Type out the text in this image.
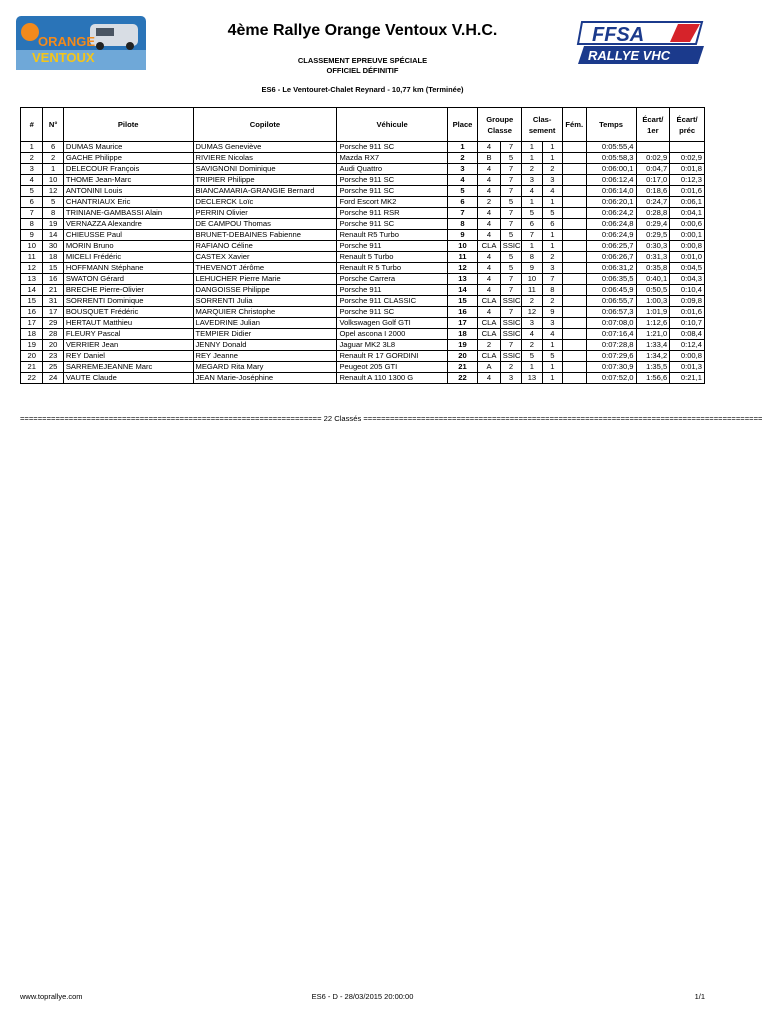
ORANGE
VENTOUX
4ème Rallye Orange Ventoux V.H.C.
CLASSEMENT EPREUVE SPÉCIALE
OFFICIEL DÉFINITIF
FFSA
RALLYE VHC
ES6 - Le Ventouret-Chalet Reynard - 10,77 km (Terminée)
#	N°	Pilote	Copilote	Véhicule	Place	Groupe Classe		Clas-sement		Fém.	Temps	Écart/ 1er	Écart/ préc
1	6	DUMAS Maurice	DUMAS Geneviève	Porsche 911 SC	1	4	7	1	1		0:05:55,4		
2	2	GACHE Philippe	RIVIERE Nicolas	Mazda RX7	2	B	5	1	1		0:05:58,3	0:02,9	0:02,9
3	1	DELECOUR François	SAVIGNONI Dominique	Audi Quattro	3	4	7	2	2		0:06:00,1	0:04,7	0:01,8
4	10	THOME Jean-Marc	TRIPIER Philippe	Porsche 911 SC	4	4	7	3	3		0:06:12,4	0:17,0	0:12,3
5	12	ANTONINI Louis	BIANCAMARIA-GRANGIE Bernard	Porsche 911 SC	5	4	7	4	4		0:06:14,0	0:18,6	0:01,6
6	5	CHANTRIAUX Eric	DECLERCK Loïc	Ford Escort MK2	6	2	5	1	1		0:06:20,1	0:24,7	0:06,1
7	8	TRINIANE-GAMBASSI Alain	PERRIN Olivier	Porsche 911 RSR	7	4	7	5	5		0:06:24,2	0:28,8	0:04,1
8	19	VERNAZZA Alexandre	DE CAMPOU Thomas	Porsche 911 SC	8	4	7	6	6		0:06:24,8	0:29,4	0:00,6
9	14	CHIEUSSE Paul	BRUNET-DEBAINES Fabienne	Renault R5 Turbo	9	4	5	7	1		0:06:24,9	0:29,5	0:00,1
10	30	MORIN Bruno	RAFIANO Céline	Porsche 911	10	CLA	SSIC	1	1		0:06:25,7	0:30,3	0:00,8
11	18	MICELI Frédéric	CASTEX Xavier	Renault 5 Turbo	11	4	5	8	2		0:06:26,7	0:31,3	0:01,0
12	15	HOFFMANN Stéphane	THEVENOT Jérôme	Renault R 5 Turbo	12	4	5	9	3		0:06:31,2	0:35,8	0:04,5
13	16	SWATON Gérard	LEHUCHER Pierre Marie	Porsche Carrera	13	4	7	10	7		0:06:35,5	0:40,1	0:04,3
14	21	BRECHE Pierre-Olivier	DANGOISSE Philippe	Porsche 911	14	4	7	11	8		0:06:45,9	0:50,5	0:10,4
15	31	SORRENTI Dominique	SORRENTI Julia	Porsche 911 CLASSIC	15	CLA	SSIC	2	2		0:06:55,7	1:00,3	0:09,8
16	17	BOUSQUET Frédéric	MARQUIER Christophe	Porsche 911 SC	16	4	7	12	9		0:06:57,3	1:01,9	0:01,6
17	29	HERTAUT Matthieu	LAVEDRINE Julian	Volkswagen Golf GTI	17	CLA	SSIC	3	3		0:07:08,0	1:12,6	0:10,7
18	28	FLEURY Pascal	TEMPIER Didier	Opel ascona I 2000	18	CLA	SSIC	4	4		0:07:16,4	1:21,0	0:08,4
19	20	VERRIER Jean	JENNY Donald	Jaguar MK2 3L8	19	2	7	2	1		0:07:28,8	1:33,4	0:12,4
20	23	REY Daniel	REY Jeanne	Renault R 17 GORDINI	20	CLA	SSIC	5	5		0:07:29,6	1:34,2	0:00,8
21	25	SARREMEJEANNE Marc	MEGARD Rita Mary	Peugeot 205 GTI	21	A	2	1	1		0:07:30,9	1:35,5	0:01,3
22	24	VAUTE Claude	JEAN Marie-Joséphine	Renault A 110 1300 G	22	4	3	13	1		0:07:52,0	1:56,6	0:21,1
==================================================================== 22 Classés ==========================================================================================
www.toprallye.com	ES6 - D - 28/03/2015 20:00:00	1/1
